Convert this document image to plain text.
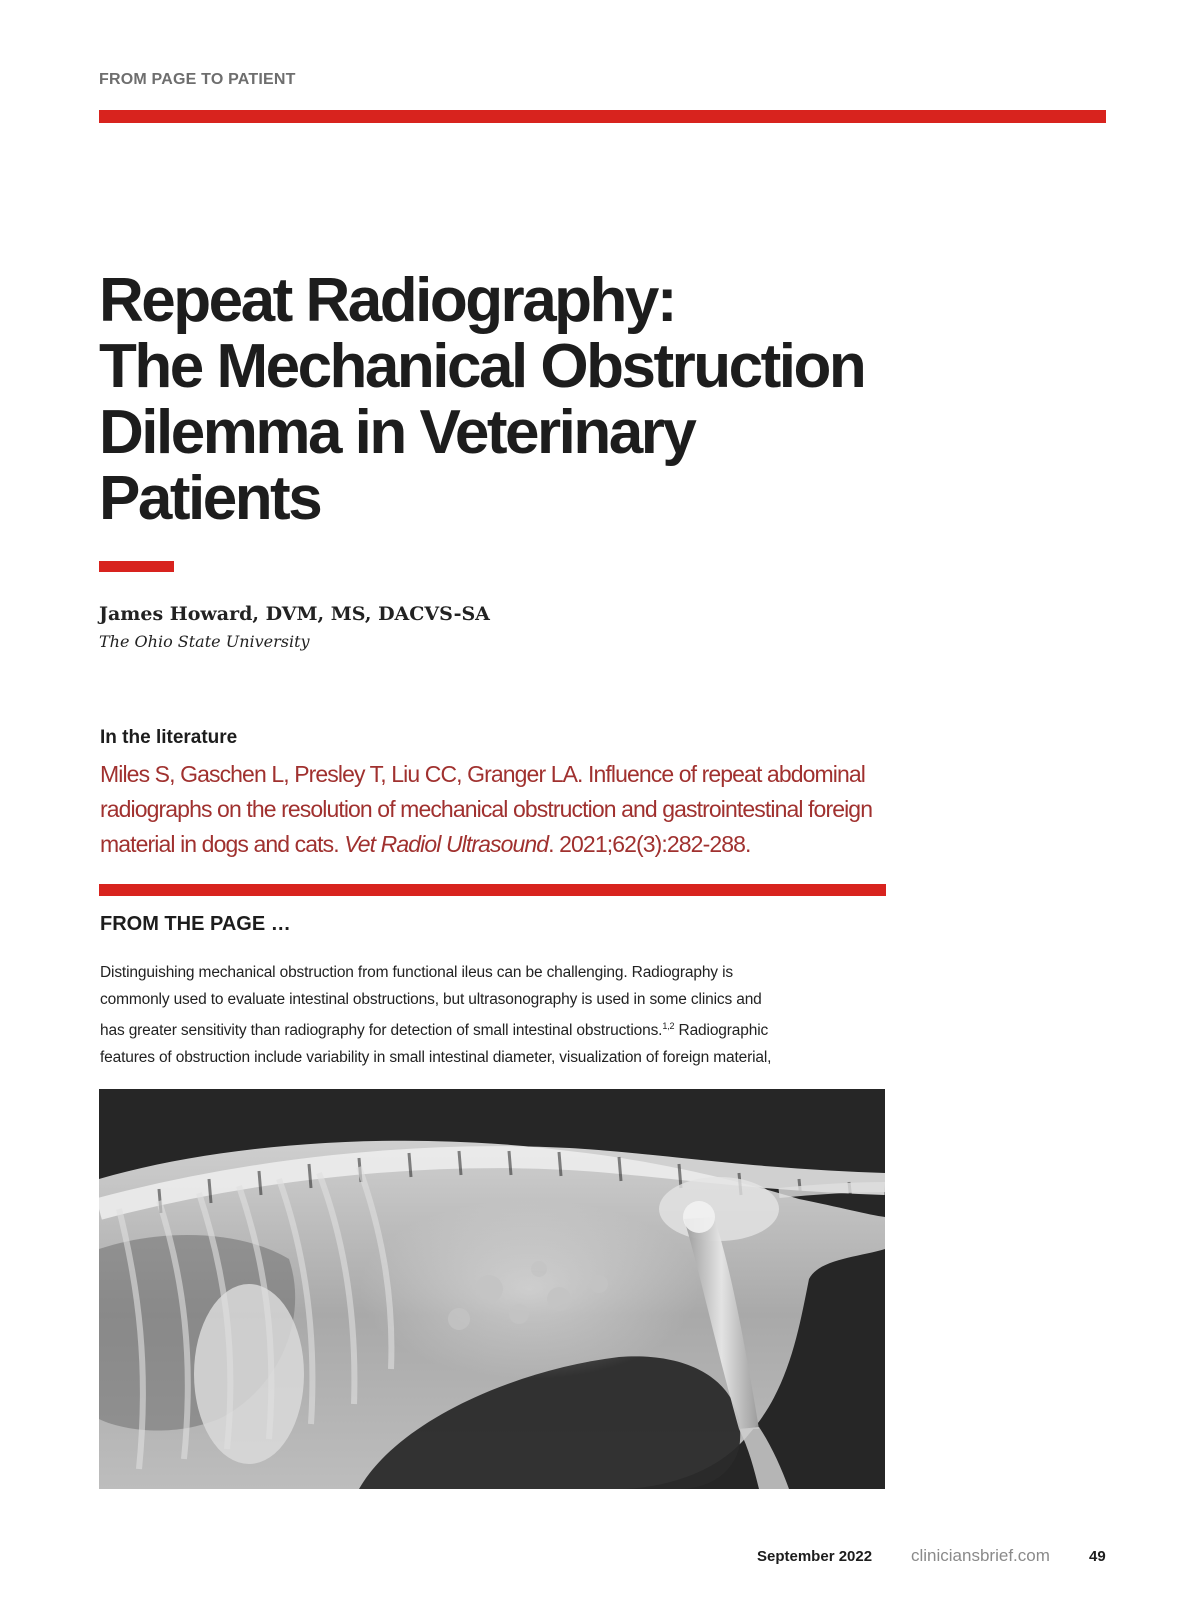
FROM PAGE TO PATIENT
Repeat Radiography:
The Mechanical Obstruction
Dilemma in Veterinary
Patients
James Howard, DVM, MS, DACVS-SA
The Ohio State University
In the literature

Miles S, Gaschen L, Presley T, Liu CC, Granger LA. Influence of repeat abdominal radiographs on the resolution of mechanical obstruction and gastrointestinal foreign material in dogs and cats. Vet Radiol Ultrasound. 2021;62(3):282-288.

FROM THE PAGE …

Distinguishing mechanical obstruction from functional ileus can be challenging. Radiography is
commonly used to evaluate intestinal obstructions, but ultrasonography is used in some clinics and
has greater sensitivity than radiography for detection of small intestinal obstructions.$^{1,2}$ Radiographic
features of obstruction include variability in small intestinal diameter, visualization of foreign material,

September 2022 cliniciansbrief.com	49
